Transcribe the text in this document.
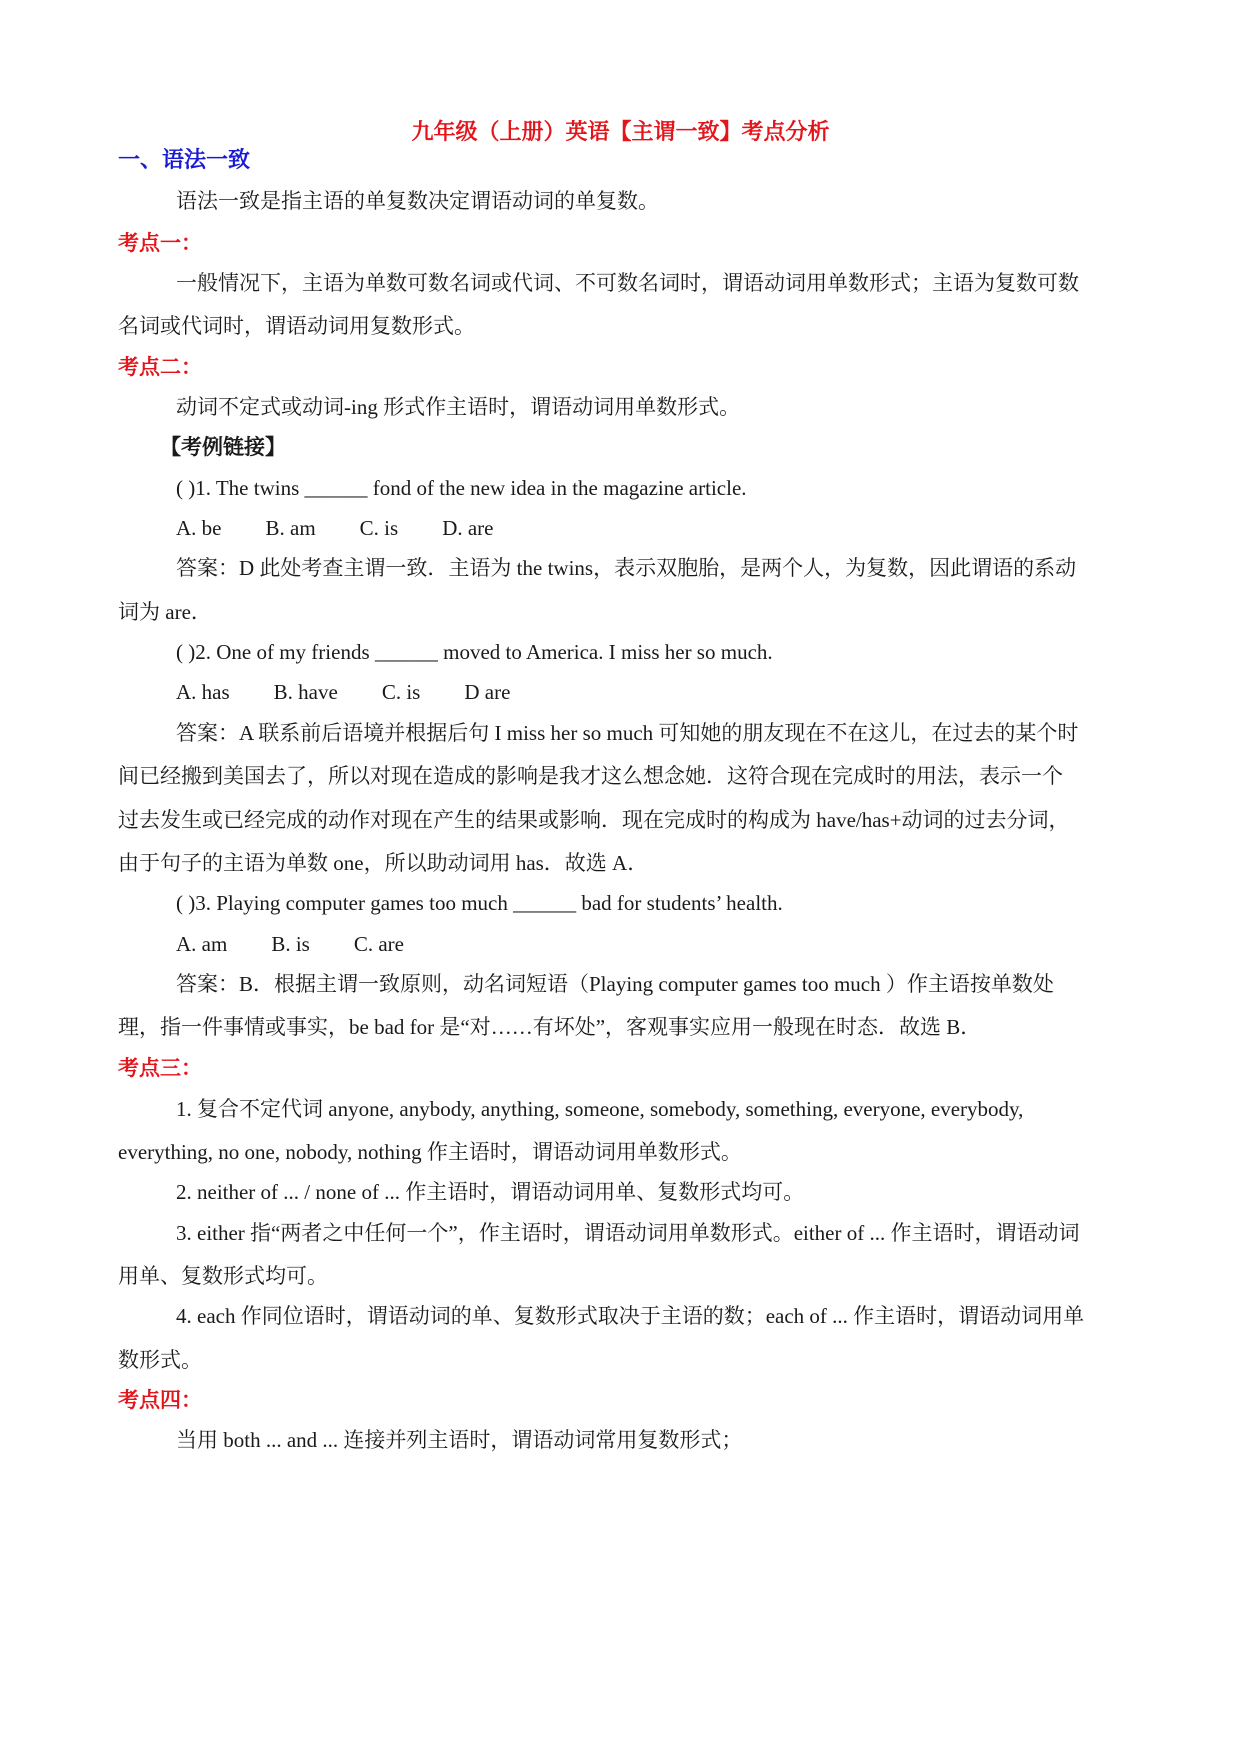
九年级（上册）英语【主谓一致】考点分析
一、语法一致
语法一致是指主语的单复数决定谓语动词的单复数。
考点一：
一般情况下，主语为单数可数名词或代词、不可数名词时，谓语动词用单数形式；主语为复数可数
名词或代词时，谓语动词用复数形式。
考点二：
动词不定式或动词-ing 形式作主语时，谓语动词用单数形式。
【考例链接】
( )1. The twins ______ fond of the new idea in the magazine article.
A. be B. am C. is D. are
答案：D 此处考查主谓一致．主语为 the twins，表示双胞胎，是两个人，为复数，因此谓语的系动
词为 are．
( )2. One of my friends ______ moved to America. I miss her so much.
A. has B. have C. is D are
答案：A 联系前后语境并根据后句 I miss her so much 可知她的朋友现在不在这儿，在过去的某个时
间已经搬到美国去了，所以对现在造成的影响是我才这么想念她．这符合现在完成时的用法，表示一个
过去发生或已经完成的动作对现在产生的结果或影响．现在完成时的构成为 have/has+动词的过去分词，
由于句子的主语为单数 one，所以助动词用 has．故选 A．
( )3. Playing computer games too much ______ bad for students’ health.
A. am B. is C. are
答案：B．根据主谓一致原则，动名词短语（Playing computer games too much ）作主语按单数处
理，指一件事情或事实，be bad for 是“对……有坏处”，客观事实应用一般现在时态．故选 B．
考点三：
1. 复合不定代词 anyone, anybody, anything, someone, somebody, something, everyone, everybody,
everything, no one, nobody, nothing 作主语时，谓语动词用单数形式。
2. neither of ... / none of ... 作主语时，谓语动词用单、复数形式均可。
3. either 指“两者之中任何一个”，作主语时，谓语动词用单数形式。either of ... 作主语时，谓语动词
用单、复数形式均可。
4. each 作同位语时，谓语动词的单、复数形式取决于主语的数；each of ... 作主语时，谓语动词用单
数形式。
考点四：
当用 both ... and ... 连接并列主语时，谓语动词常用复数形式；
